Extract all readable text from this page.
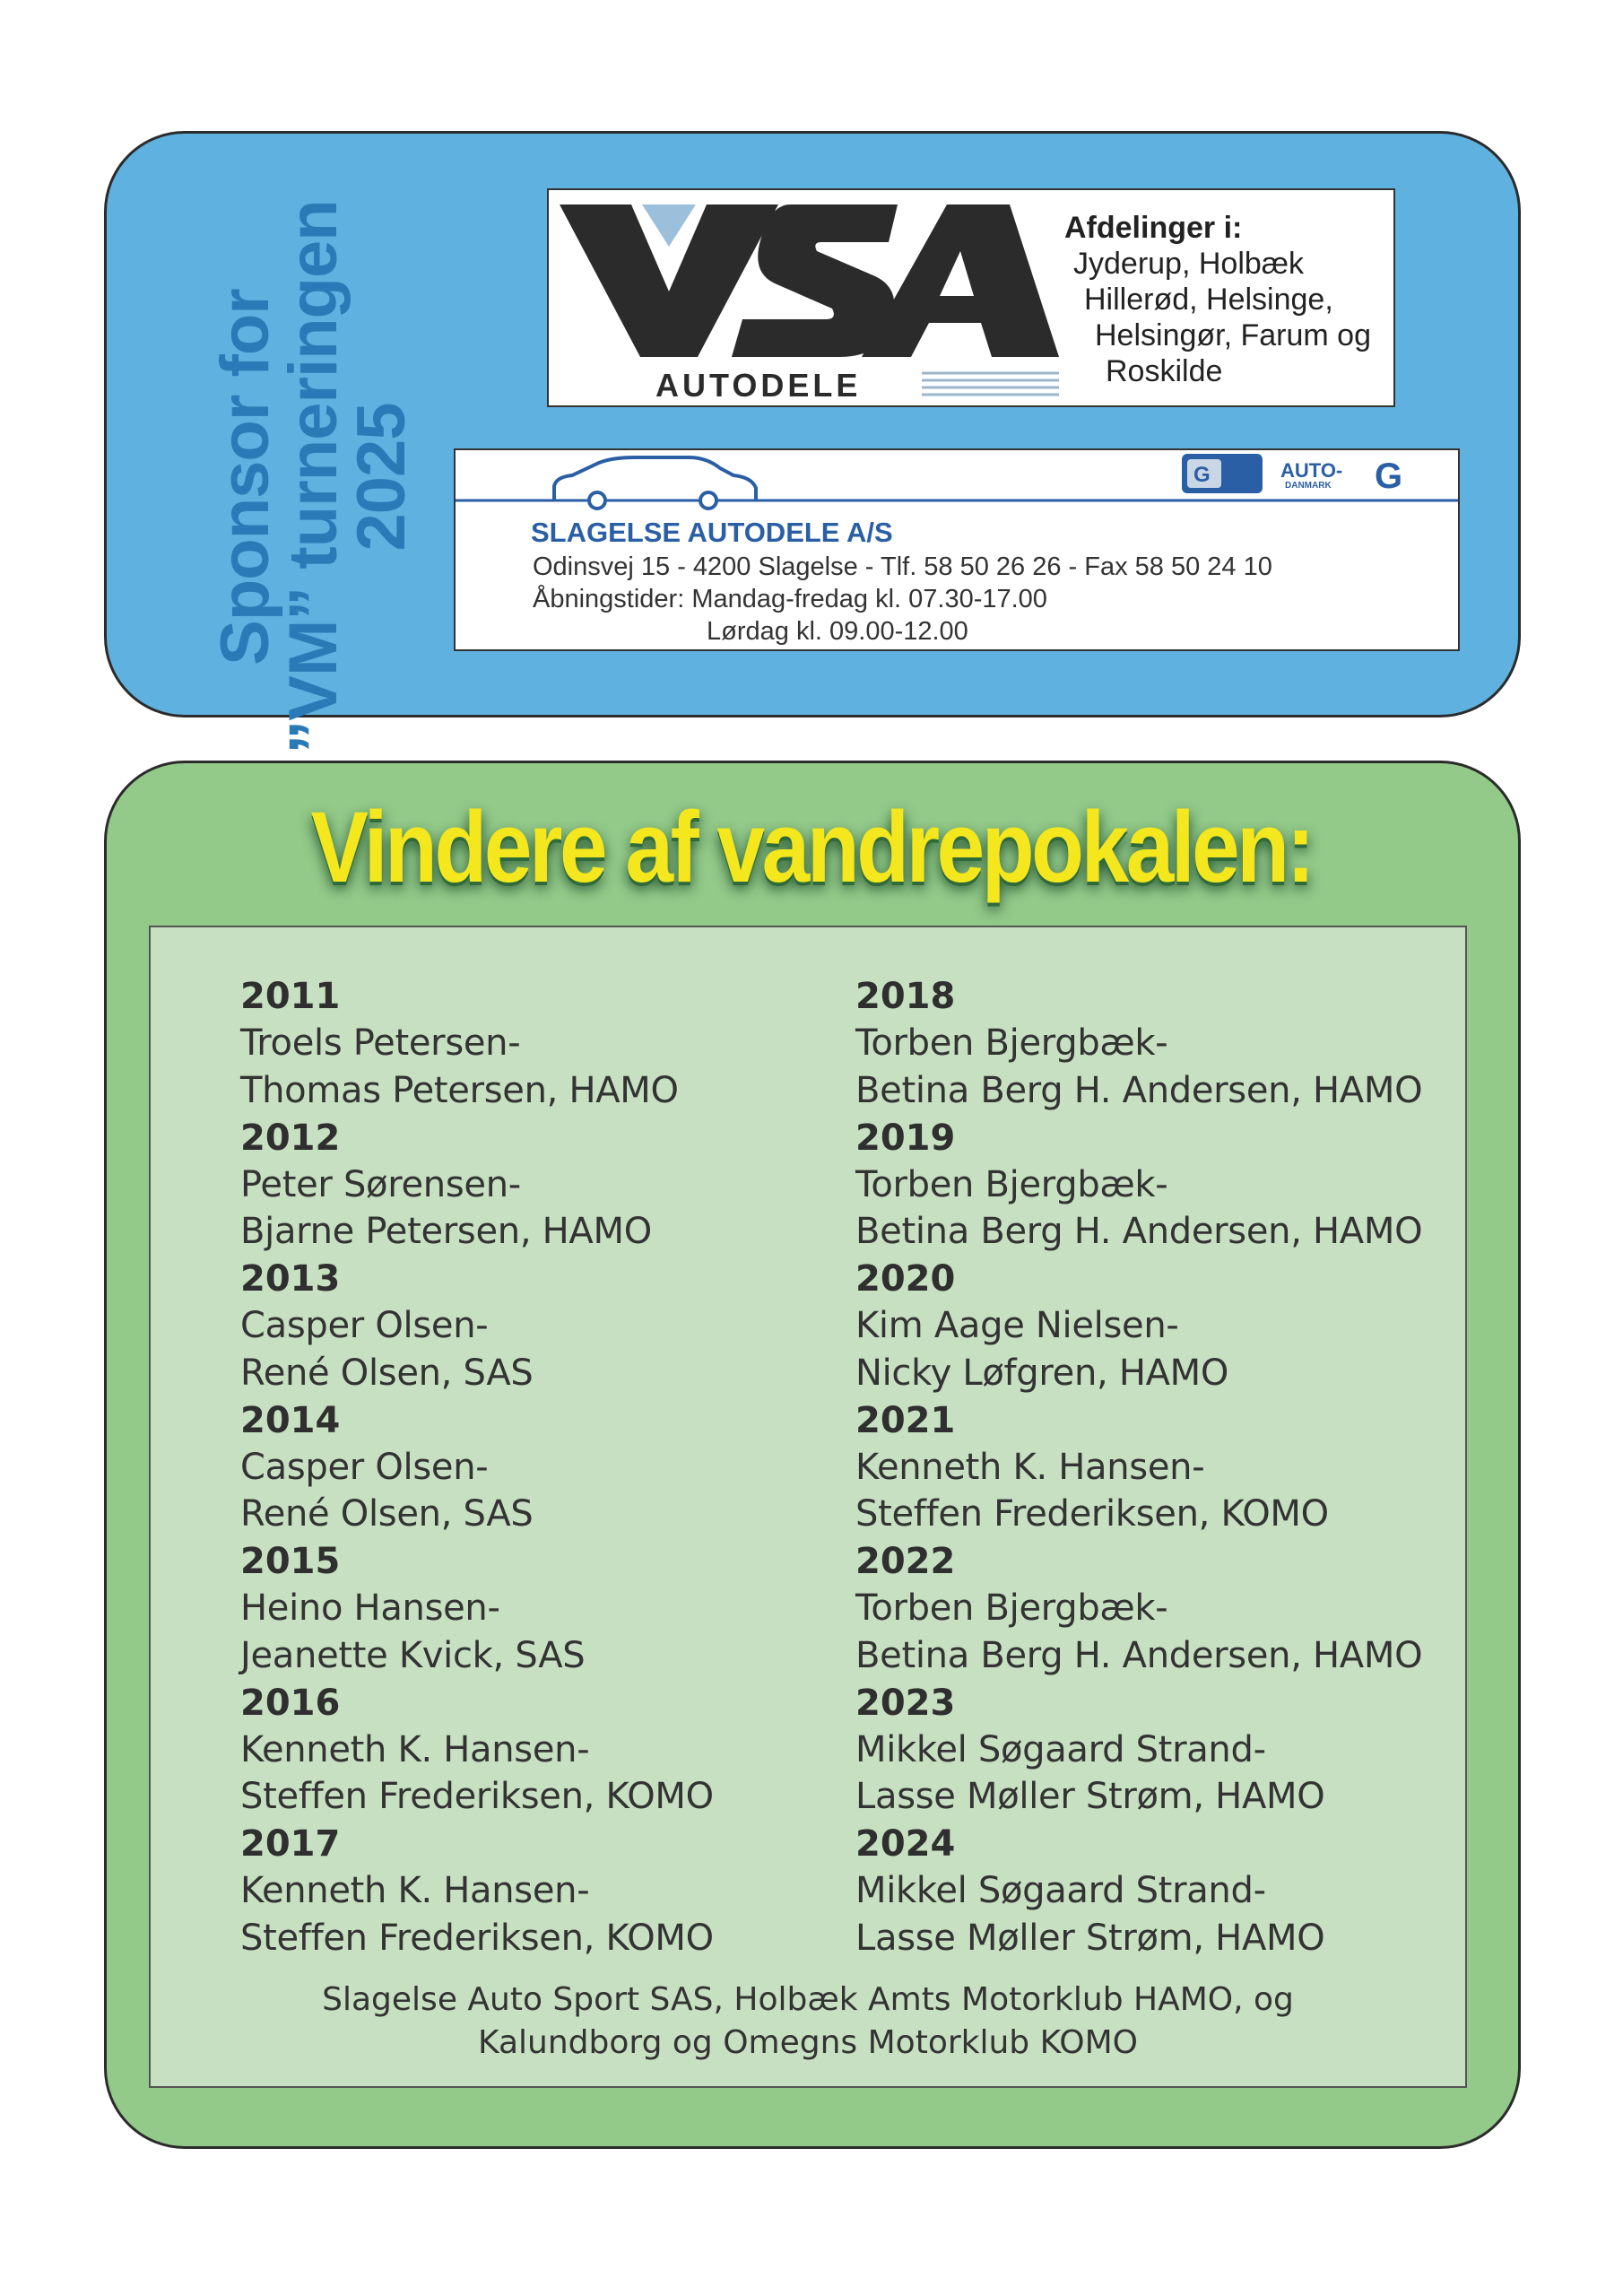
Sponsor for
”VM” turneringen
2025
AUTODELE
Afdelinger i:
Jyderup, Holbæk
Hillerød, Helsinge,
Helsingør, Farum og
Roskilde
G	AUTO-
DANMARK G
SLAGELSE AUTODELE A/S
Odinsvej 15 - 4200 Slagelse - Tlf. 58 50 26 26 - Fax 58 50 24 10
Åbningstider: Mandag-fredag kl. 07.30-17.00
Lørdag kl. 09.00-12.00
Vindere af vandrepokalen:
2011
Troels Petersen-
Thomas Petersen, HAMO
2012
Peter Sørensen-
Bjarne Petersen, HAMO
2013
Casper Olsen-
René Olsen, SAS
2014
Casper Olsen-
René Olsen, SAS
2015
Heino Hansen-
Jeanette Kvick, SAS
2016
Kenneth K. Hansen-
Steffen Frederiksen, KOMO
2017
Kenneth K. Hansen-
Steffen Frederiksen, KOMO
2018
Torben Bjergbæk-
Betina Berg H. Andersen, HAMO
2019
Torben Bjergbæk-
Betina Berg H. Andersen, HAMO
2020
Kim Aage Nielsen-
Nicky Løfgren, HAMO
2021
Kenneth K. Hansen-
Steffen Frederiksen, KOMO
2022
Torben Bjergbæk-
Betina Berg H. Andersen, HAMO
2023
Mikkel Søgaard Strand-
Lasse Møller Strøm, HAMO
2024
Mikkel Søgaard Strand-
Lasse Møller Strøm, HAMO
Slagelse Auto Sport SAS, Holbæk Amts Motorklub HAMO, og
Kalundborg og Omegns Motorklub KOMO
